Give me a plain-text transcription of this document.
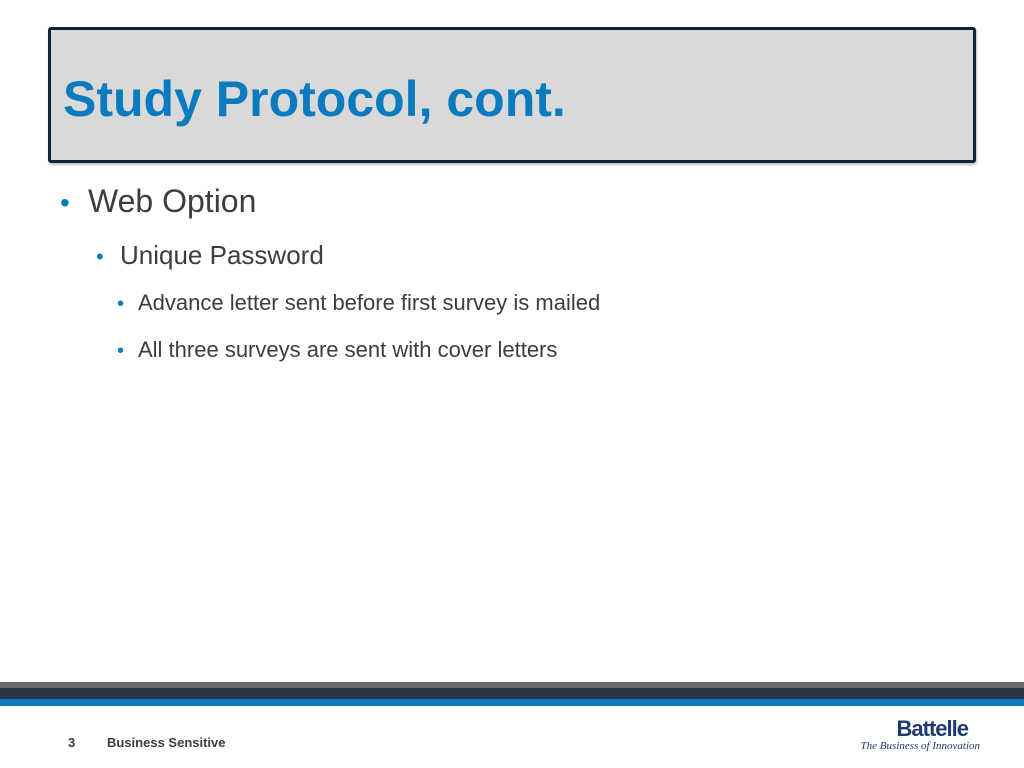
Study Protocol, cont.
• Web Option
• Unique Password
• Advance letter sent before first survey is mailed
• All three surveys are sent with cover letters
3 Business Sensitive
Battelle
The Business of Innovation
